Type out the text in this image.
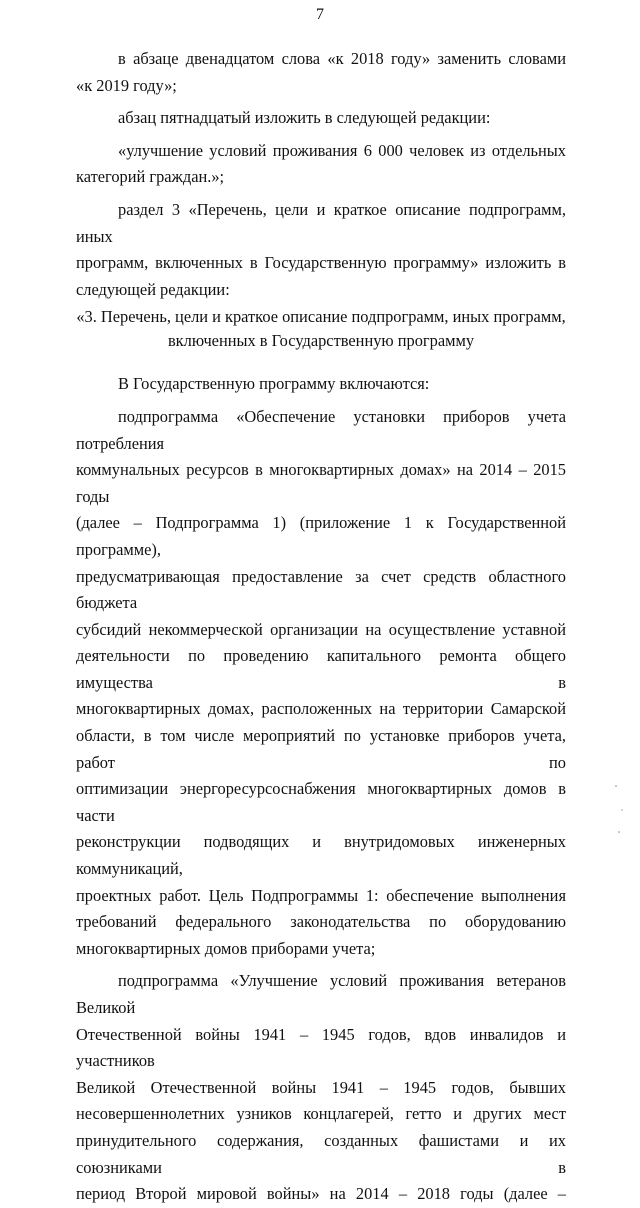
7

в абзаце двенадцатом слова «к 2018 году» заменить словами
«к 2019 году»;

абзац пятнадцатый изложить в следующей редакции:

«улучшение условий проживания 6 000 человек из отдельных
категорий граждан.»;

раздел 3 «Перечень, цели и краткое описание подпрограмм, иных
программ, включенных в Государственную программу» изложить в
следующей редакции:

«3. Перечень, цели и краткое описание подпрограмм, иных программ,
включенных в Государственную программу

В Государственную программу включаются:

подпрограмма «Обеспечение установки приборов учета потребления
коммунальных ресурсов в многоквартирных домах» на 2014 – 2015 годы
(далее – Подпрограмма 1) (приложение 1 к Государственной программе),
предусматривающая предоставление за счет средств областного бюджета
субсидий некоммерческой организации на осуществление уставной
деятельности по проведению капитального ремонта общего имущества в
многоквартирных домах, расположенных на территории Самарской
области, в том числе мероприятий по установке приборов учета, работ по
оптимизации энергоресурсоснабжения многоквартирных домов в части
реконструкции подводящих и внутридомовых инженерных коммуникаций,
проектных работ. Цель Подпрограммы 1: обеспечение выполнения
требований федерального законодательства по оборудованию
многоквартирных домов приборами учета;

подпрограмма «Улучшение условий проживания ветеранов Великой
Отечественной войны 1941 – 1945 годов, вдов инвалидов и участников
Великой Отечественной войны 1941 – 1945 годов, бывших
несовершеннолетних узников концлагерей, гетто и других мест
принудительного содержания, созданных фашистами и их союзниками в
период Второй мировой войны» на 2014 – 2018 годы (далее –
